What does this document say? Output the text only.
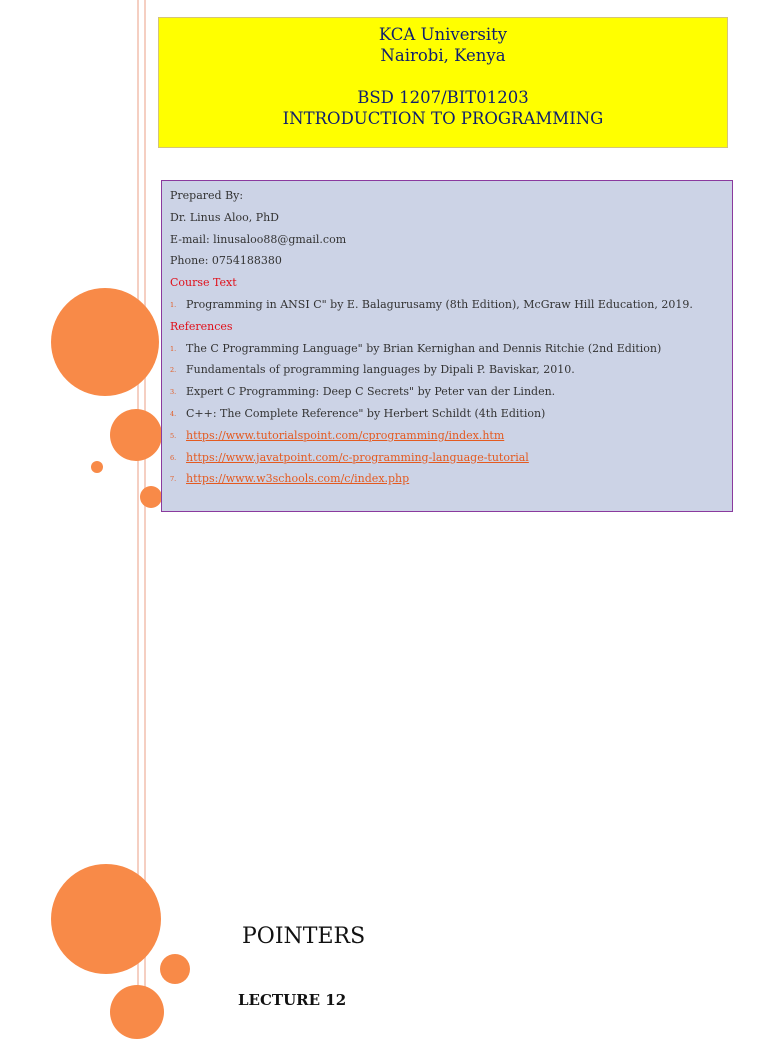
KCA University
Nairobi, Kenya
BSD 1207/BIT01203
INTRODUCTION TO PROGRAMMING
Prepared By:
Dr. Linus Aloo, PhD
E-mail: linusaloo88@gmail.com
Phone: 0754188380
Course Text
1. Programming in ANSI C" by E. Balagurusamy (8th Edition), McGraw Hill Education, 2019.
References
1. The C Programming Language" by Brian Kernighan and Dennis Ritchie (2nd Edition)
2. Fundamentals of programming languages by Dipali P. Baviskar, 2010.
3. Expert C Programming: Deep C Secrets" by Peter van der Linden.
4. C++: The Complete Reference" by Herbert Schildt (4th Edition)
5. https://www.tutorialspoint.com/cprogramming/index.htm
6. https://www.javatpoint.com/c-programming-language-tutorial
7. https://www.w3schools.com/c/index.php
POINTERS
LECTURE 12
